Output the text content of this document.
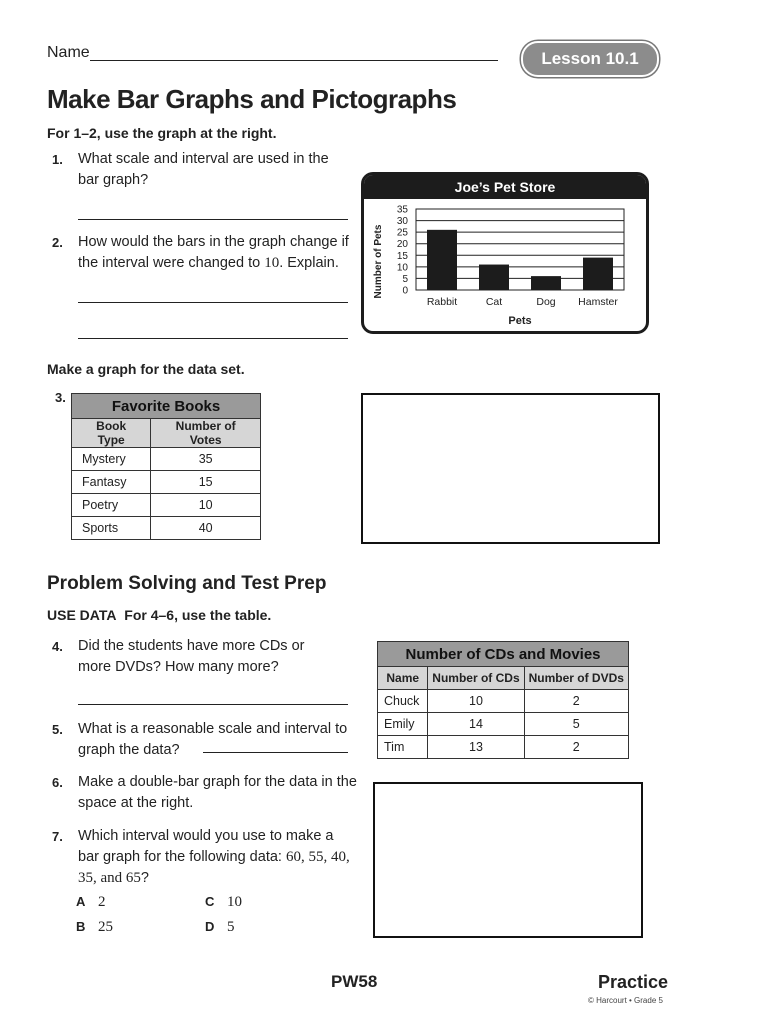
Name	Lesson 10.1
Make Bar Graphs and Pictographs
For 1–2, use the graph at the right.
1. What scale and interval are used in the bar graph?
2. How would the bars in the graph change if the interval were changed to 10. Explain.
Joe’s Pet Store
0
5
10
15
20
25
30
35
Rabbit	Cat	Dog Hamster
Pets
Number of Pets
Make a graph for the data set.
3.	Favorite Books	
Book Type	Number of Votes
Mystery	35
Fantasy	15
Poetry	10
Sports	40
Problem Solving and Test Prep
USE DATA For 4–6, use the table.
4. Did the students have more CDs or more DVDs? How many more?
5. What is a reasonable scale and interval to graph the data?
6. Make a double-bar graph for the data in the space at the right.
7. Which interval would you use to make a bar graph for the following data: 60, 55, 40, 35, and 65?
A 2
B 25
C 10
D 5
Number of CDs and Movies		
Name	Number of CDs	Number of DVDs
Chuck	10	2
Emily	14	5
Tim	13	2
PW58	Practice
© Harcourt • Grade 5
